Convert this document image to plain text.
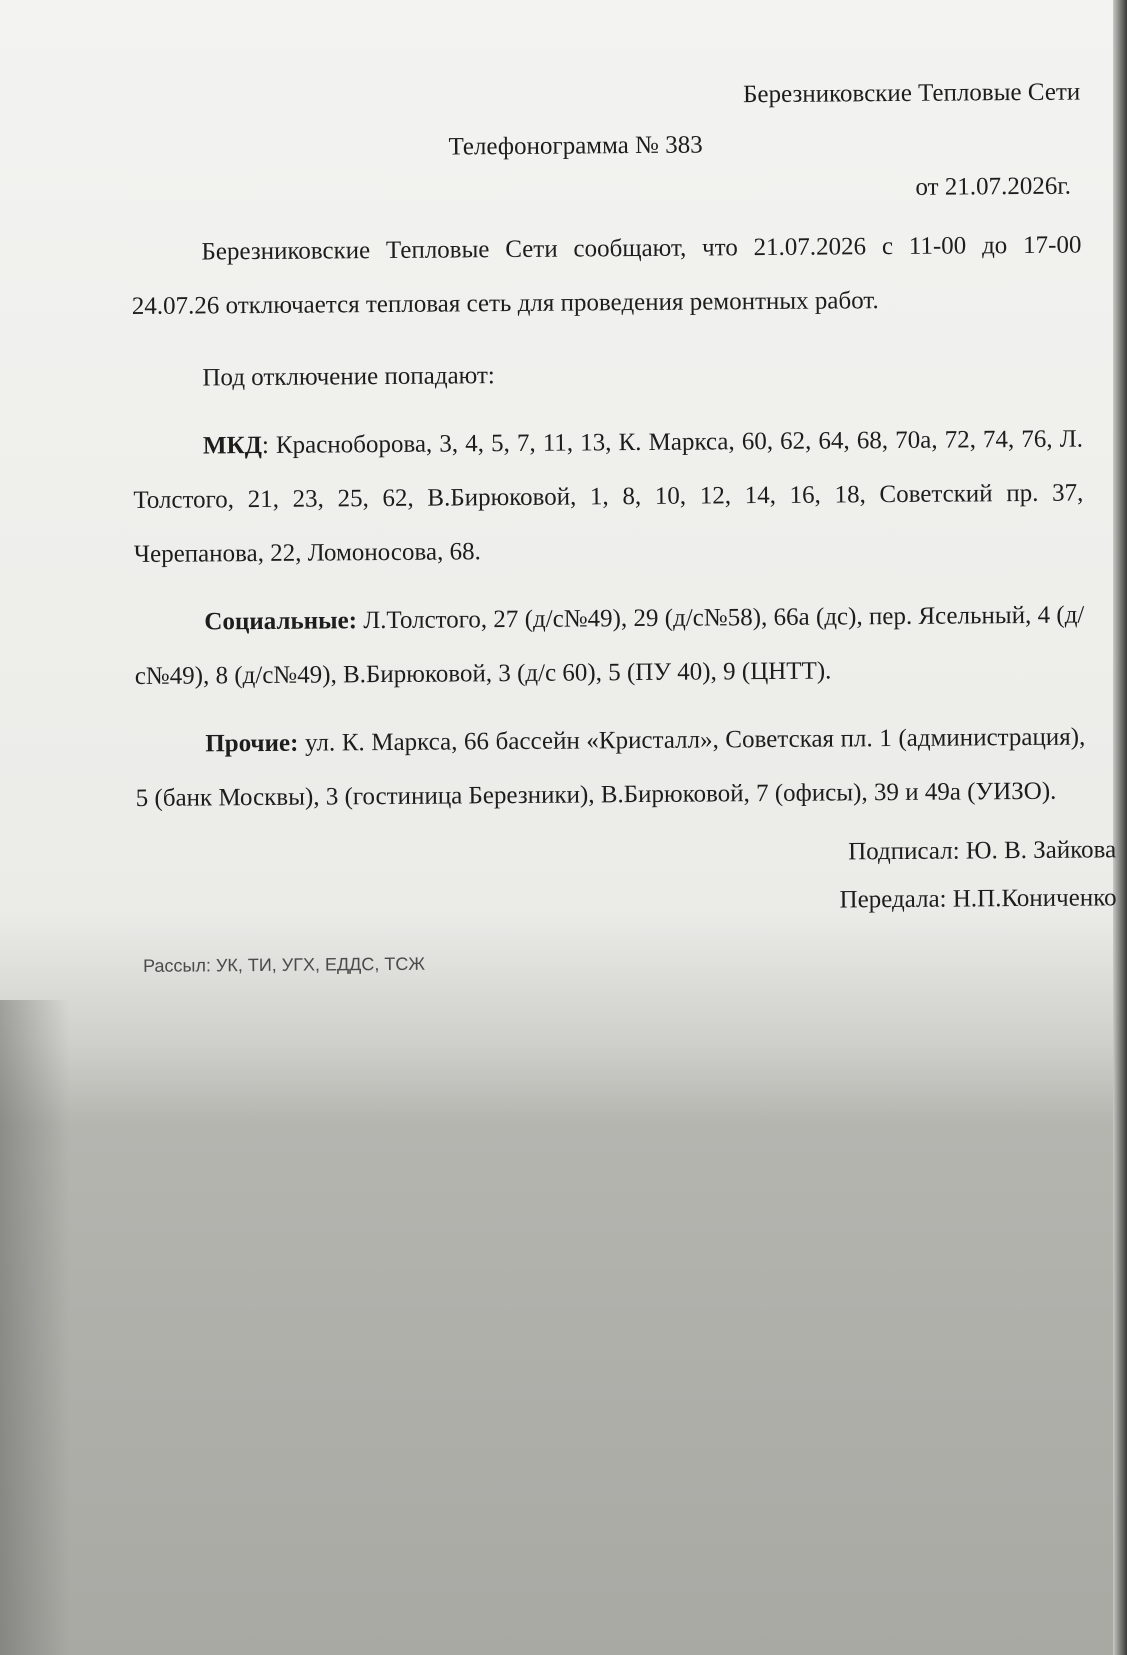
Березниковские Тепловые Сети
Телефонограмма № 383
от 21.07.2026г.

Березниковские Тепловые Сети сообщают, что 21.07.2026 с 11-00 до 17-00 24.07.26 отключается тепловая сеть для проведения ремонтных работ.

Под отключение попадают:

МКД: Красноборова, 3, 4, 5, 7, 11, 13, К. Маркса, 60, 62, 64, 68, 70а, 72, 74, 76, Л. Толстого, 21, 23, 25, 62, В.Бирюковой, 1, 8, 10, 12, 14, 16, 18, Советский пр. 37, Черепанова, 22, Ломоносова, 68.

Социальные: Л.Толстого, 27 (д/с№49), 29 (д/с№58), 66а (дс), пер. Ясельный, 4 (д/с№49), 8 (д/с№49), В.Бирюковой, 3 (д/с 60), 5 (ПУ 40), 9 (ЦНТТ).

Прочие: ул. К. Маркса, 66 бассейн «Кристалл», Советская пл. 1 (администрация), 5 (банк Москвы), 3 (гостиница Березники), В.Бирюковой, 7 (офисы), 39 и 49а (УИЗО).

Подписал: Ю. В. Зайкова
Передала: Н.П.Кониченко
Рассыл: УК, ТИ, УГХ, ЕДДС, ТСЖ
